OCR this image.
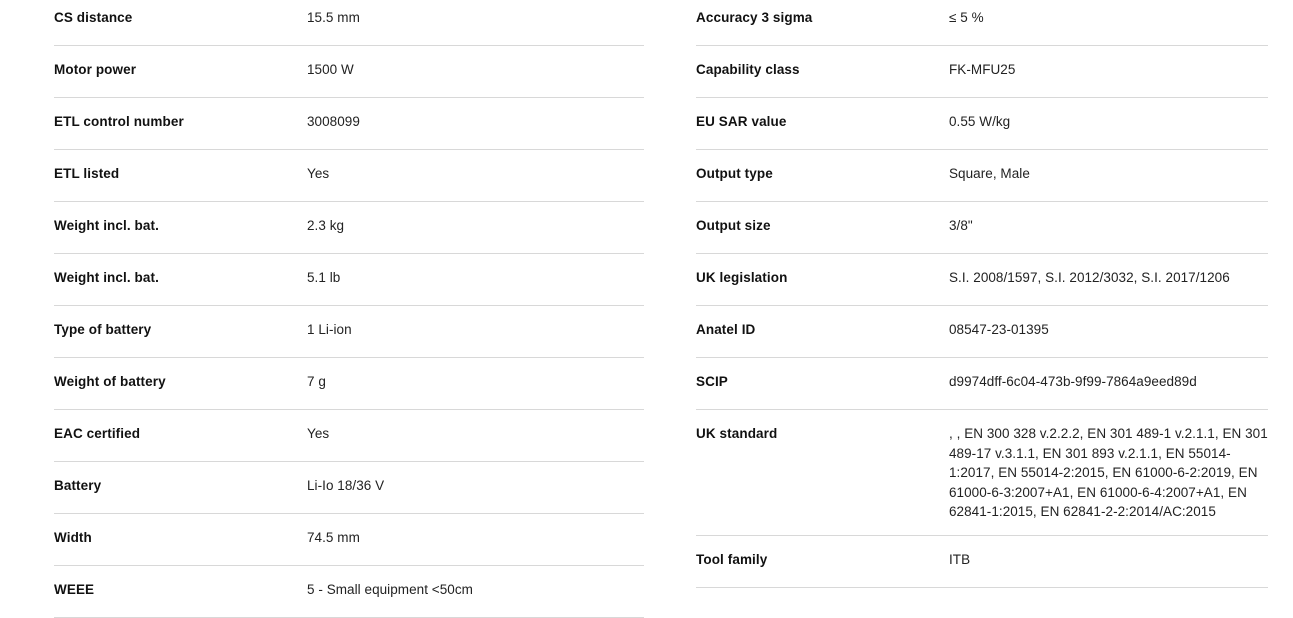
CS distance	15.5 mm
Motor power	1500 W
ETL control number	3008099
ETL listed	Yes
Weight incl. bat.	2.3 kg
Weight incl. bat.	5.1 lb
Type of battery	1 Li-ion
Weight of battery	7 g
EAC certified	Yes
Battery	Li-Io 18/36 V
Width	74.5 mm
WEEE	5 - Small equipment <50cm
Accuracy 3 sigma	≤ 5 %
Capability class	FK-MFU25
EU SAR value	0.55 W/kg
Output type	Square, Male
Output size	3/8"
UK legislation	S.I. 2008/1597, S.I. 2012/3032, S.I. 2017/1206
Anatel ID	08547-23-01395
SCIP	d9974dff-6c04-473b-9f99-7864a9eed89d
UK standard	, , EN 300 328 v.2.2.2, EN 301 489-1 v.2.1.1, EN 301 489-17 v.3.1.1, EN 301 893 v.2.1.1, EN 55014-1:2017, EN 55014-2:2015, EN 61000-6-2:2019, EN 61000-6-3:2007+A1, EN 61000-6-4:2007+A1, EN 62841-1:2015, EN 62841-2-2:2014/AC:2015
Tool family	ITB
